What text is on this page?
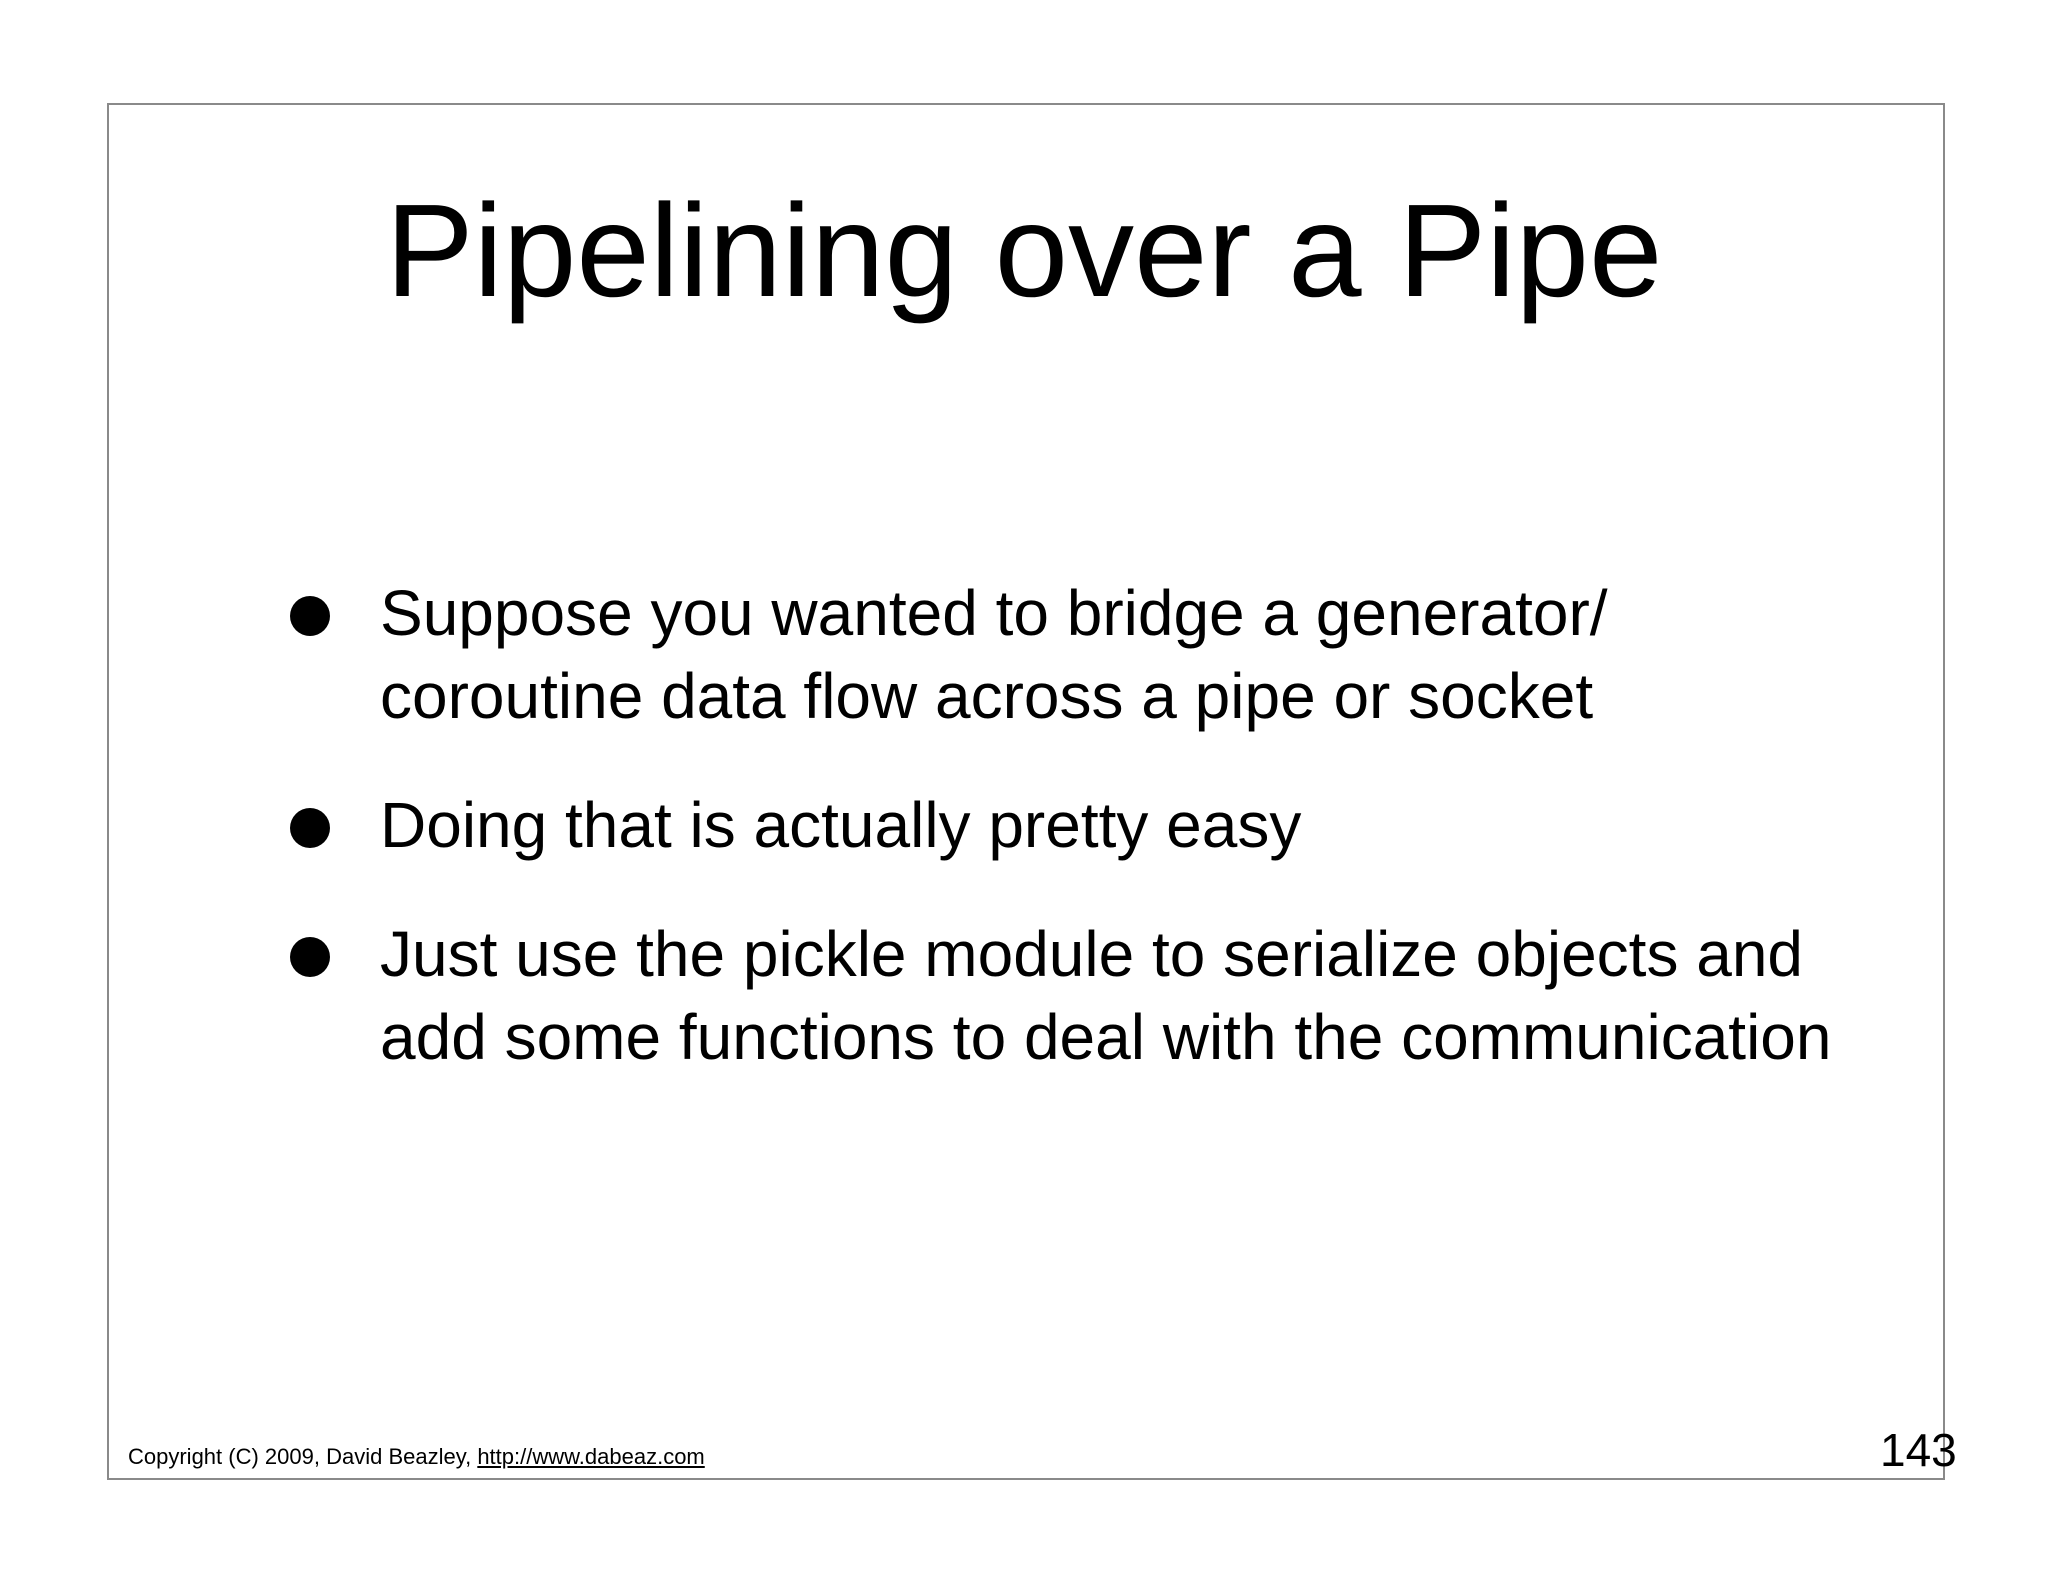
Pipelining over a Pipe
Suppose you wanted to bridge a generator/ coroutine data flow across a pipe or socket
Doing that is actually pretty easy
Just use the pickle module to serialize objects and add some functions to deal with the communication
Copyright (C) 2009, David Beazley, http://www.dabeaz.com	143
